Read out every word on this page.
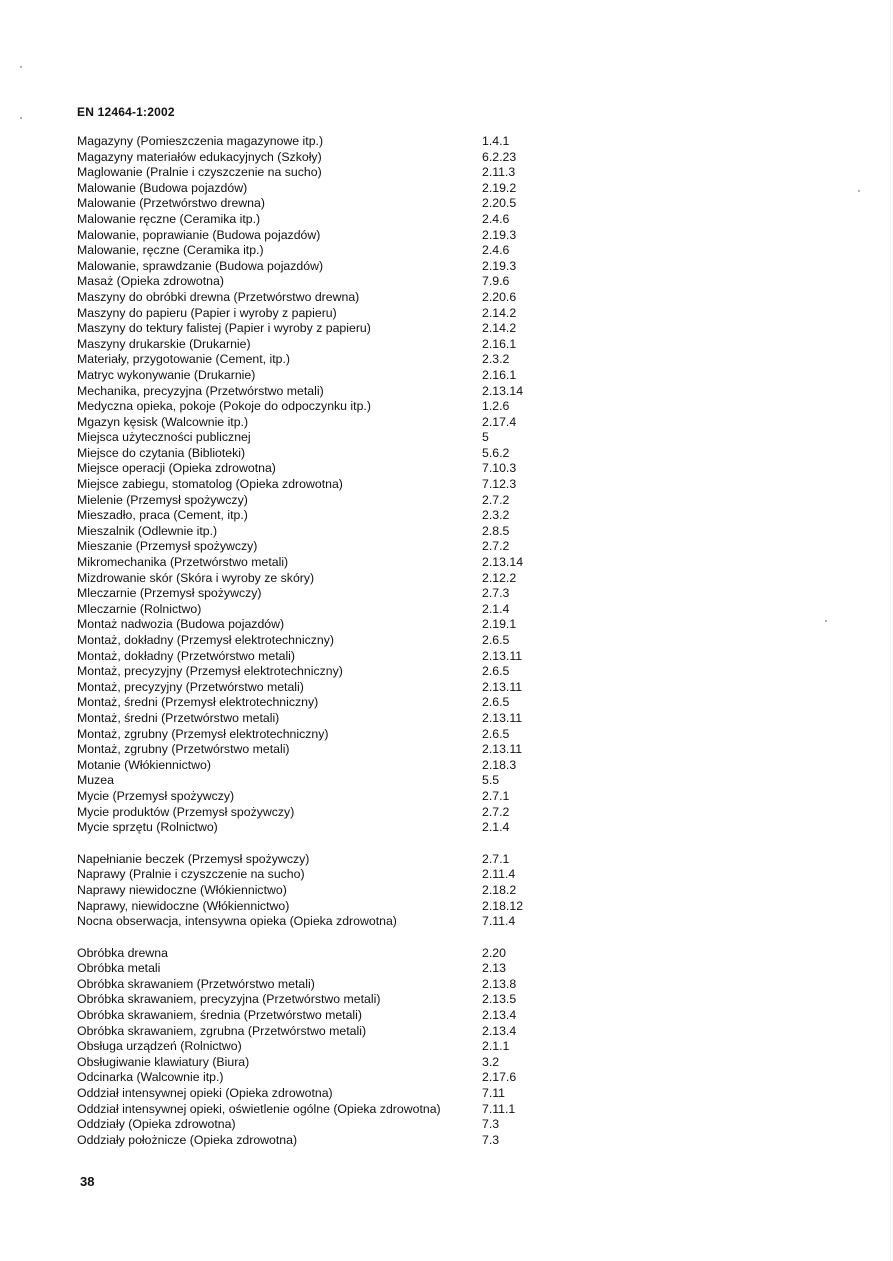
EN 12464-1:2002
Magazyny (Pomieszczenia magazynowe itp.)	1.4.1
Magazyny materiałów edukacyjnych (Szkoły)	6.2.23
Maglowanie (Pralnie i czyszczenie na sucho)	2.11.3
Malowanie (Budowa pojazdów)	2.19.2
Malowanie (Przetwórstwo drewna)	2.20.5
Malowanie ręczne (Ceramika itp.)	2.4.6
Malowanie, poprawianie (Budowa pojazdów)	2.19.3
Malowanie, ręczne (Ceramika itp.)	2.4.6
Malowanie, sprawdzanie (Budowa pojazdów)	2.19.3
Masaż (Opieka zdrowotna)	7.9.6
Maszyny do obróbki drewna (Przetwórstwo drewna)	2.20.6
Maszyny do papieru (Papier i wyroby z papieru)	2.14.2
Maszyny do tektury falistej (Papier i wyroby z papieru)	2.14.2
Maszyny drukarskie (Drukarnie)	2.16.1
Materiały, przygotowanie (Cement, itp.)	2.3.2
Matryc wykonywanie (Drukarnie)	2.16.1
Mechanika, precyzyjna (Przetwórstwo metali)	2.13.14
Medyczna opieka, pokoje (Pokoje do odpoczynku itp.)	1.2.6
Mgazyn kęsisk (Walcownie itp.)	2.17.4
Miejsca użyteczności publicznej	5
Miejsce do czytania (Biblioteki)	5.6.2
Miejsce operacji (Opieka zdrowotna)	7.10.3
Miejsce zabiegu, stomatolog (Opieka zdrowotna)	7.12.3
Mielenie (Przemysł spożywczy)	2.7.2
Mieszadło, praca (Cement, itp.)	2.3.2
Mieszalnik (Odlewnie itp.)	2.8.5
Mieszanie (Przemysł spożywczy)	2.7.2
Mikromechanika (Przetwórstwo metali)	2.13.14
Mizdrowanie skór (Skóra i wyroby ze skóry)	2.12.2
Mleczarnie (Przemysł spożywczy)	2.7.3
Mleczarnie (Rolnictwo)	2.1.4
Montaż nadwozia (Budowa pojazdów)	2.19.1
Montaż, dokładny (Przemysł elektrotechniczny)	2.6.5
Montaż, dokładny (Przetwórstwo metali)	2.13.11
Montaż, precyzyjny (Przemysł elektrotechniczny)	2.6.5
Montaż, precyzyjny (Przetwórstwo metali)	2.13.11
Montaż, średni (Przemysł elektrotechniczny)	2.6.5
Montaż, średni (Przetwórstwo metali)	2.13.11
Montaż, zgrubny (Przemysł elektrotechniczny)	2.6.5
Montaż, zgrubny (Przetwórstwo metali)	2.13.11
Motanie (Włókiennictwo)	2.18.3
Muzea	5.5
Mycie (Przemysł spożywczy)	2.7.1
Mycie produktów (Przemysł spożywczy)	2.7.2
Mycie sprzętu (Rolnictwo)	2.1.4
Napełnianie beczek (Przemysł spożywczy)	2.7.1
Naprawy (Pralnie i czyszczenie na sucho)	2.11.4
Naprawy niewidoczne (Włókiennictwo)	2.18.2
Naprawy, niewidoczne (Włókiennictwo)	2.18.12
Nocna obserwacja, intensywna opieka (Opieka zdrowotna)	7.11.4
Obróbka drewna	2.20
Obróbka metali	2.13
Obróbka skrawaniem (Przetwórstwo metali)	2.13.8
Obróbka skrawaniem, precyzyjna (Przetwórstwo metali)	2.13.5
Obróbka skrawaniem, średnia (Przetwórstwo metali)	2.13.4
Obróbka skrawaniem, zgrubna (Przetwórstwo metali)	2.13.4
Obsługa urządzeń (Rolnictwo)	2.1.1
Obsługiwanie klawiatury (Biura)	3.2
Odcinarka (Walcownie itp.)	2.17.6
Oddział intensywnej opieki (Opieka zdrowotna)	7.11
Oddział intensywnej opieki, oświetlenie ogólne (Opieka zdrowotna)	7.11.1
Oddziały (Opieka zdrowotna)	7.3
Oddziały położnicze (Opieka zdrowotna)	7.3
38
